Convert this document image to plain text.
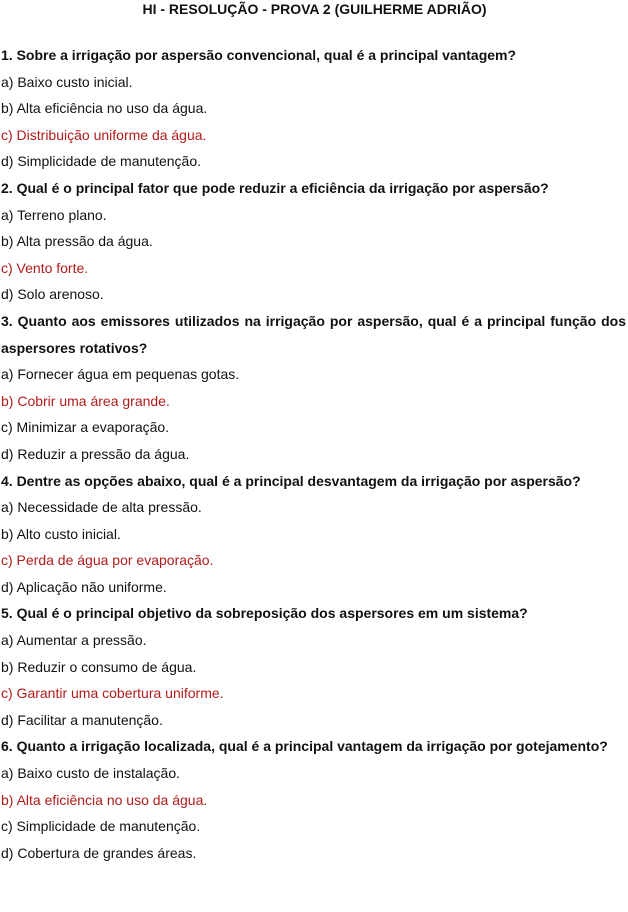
HI - RESOLUÇÃO - PROVA 2 (GUILHERME ADRIÃO)

1. Sobre a irrigação por aspersão convencional, qual é a principal vantagem?

a) Baixo custo inicial.

b) Alta eficiência no uso da água.

c) Distribuição uniforme da água.

d) Simplicidade de manutenção.

2. Qual é o principal fator que pode reduzir a eficiência da irrigação por aspersão?

a) Terreno plano.

b) Alta pressão da água.

c) Vento forte.

d) Solo arenoso.

3. Quanto aos emissores utilizados na irrigação por aspersão, qual é a principal função dos aspersores rotativos?

a) Fornecer água em pequenas gotas.

b) Cobrir uma área grande.

c) Minimizar a evaporação.

d) Reduzir a pressão da água.

4. Dentre as opções abaixo, qual é a principal desvantagem da irrigação por aspersão?

a) Necessidade de alta pressão.

b) Alto custo inicial.

c) Perda de água por evaporação.

d) Aplicação não uniforme.

5. Qual é o principal objetivo da sobreposição dos aspersores em um sistema?

a) Aumentar a pressão.

b) Reduzir o consumo de água.

c) Garantir uma cobertura uniforme.

d) Facilitar a manutenção.

6. Quanto a irrigação localizada, qual é a principal vantagem da irrigação por gotejamento?

a) Baixo custo de instalação.

b) Alta eficiência no uso da água.

c) Simplicidade de manutenção.

d) Cobertura de grandes áreas.
